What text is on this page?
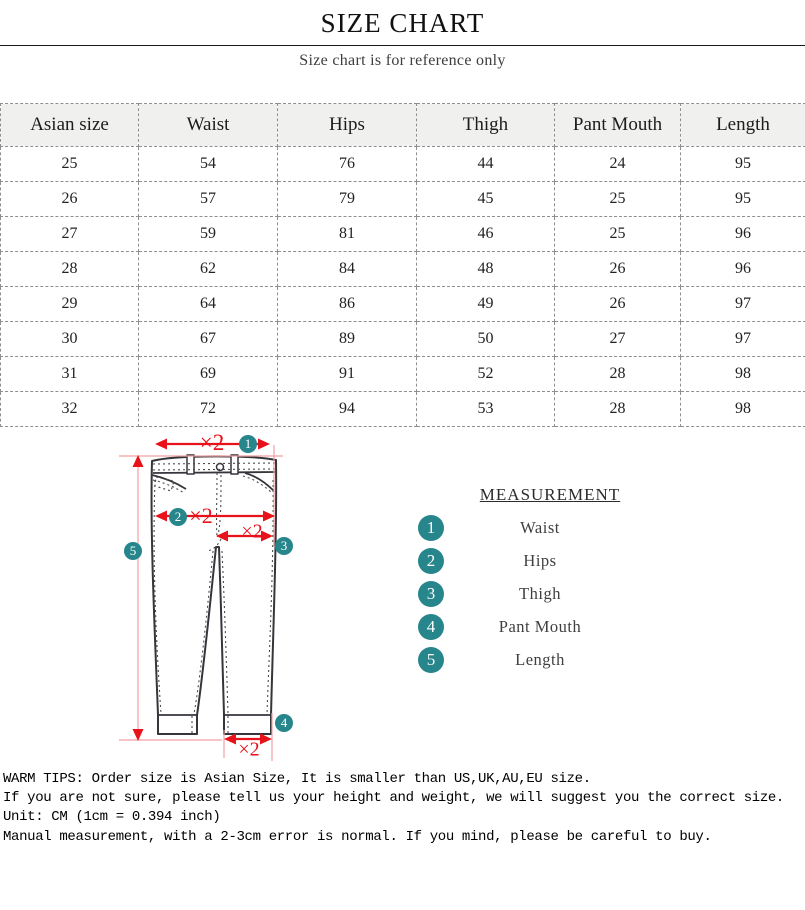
SIZE CHART
Size chart is for reference only
Asian size	Waist	Hips	Thigh	Pant Mouth	Length
25	54	76	44	24	95
26	57	79	45	25	95
27	59	81	46	25	96
28	62	84	48	26	96
29	64	86	49	26	97
30	67	89	50	27	97
31	69	91	52	28	98
32	72	94	53	28	98
×2
×2
×2
×2
1
2
3
4
5
MEASUREMENT
1	Waist
2	Hips
3	Thigh
4	Pant Mouth
5	Length
WARM TIPS: Order size is Asian Size, It is smaller than US,UK,AU,EU size.
If you are not sure, please tell us your height and weight, we will suggest you the correct size.
Unit: CM (1cm = 0.394 inch)
Manual measurement, with a 2-3cm error is normal. If you mind, please be careful to buy.
